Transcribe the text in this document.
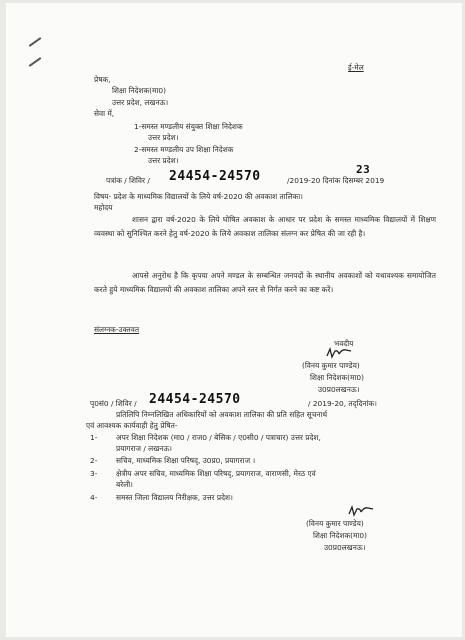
ई-मेल
प्रेषक,
शिक्षा निदेशक(मा0)
उत्तर प्रदेश, लखनऊ।
सेवा में,
1-समस्त मण्डलीय संयुक्त शिक्षा निदेशक
उत्तर प्रदेश।
2-समस्त मण्डलीय उप शिक्षा निदेशक
उत्तर प्रदेश।
पत्रांक / शिविर / 24454-24570	23
/2019-20 दिनांक दिसम्बर 2019
विषय- प्रदेश के माध्यमिक विद्यालयों के लिये वर्ष-2020 की अवकाश तालिका।
महोदय
शासन द्वारा वर्ष-2020 के लिये घोषित अवकाश के आधार पर प्रदेश के समस्त माध्यमिक विद्यालयों में शिक्षण व्यवस्था को सुनिश्चित करने हेतु वर्ष-2020 के लिये अवकाश तालिका संलग्न कर प्रेषित की जा रही है।
आपसे अनुरोध है कि कृपया अपने मण्डल के सम्बन्धित जनपदों के स्थानीय अवकाशों को यथावश्यक समायोजित करते हुये माध्यमिक विद्यालयों की अवकाश तालिका अपने स्तर से निर्गत करने का कष्ट करें।
संलग्नक-उक्तवत
भवदीय
(विनय कुमार पाण्डेय)
शिक्षा निदेशक(मा0)
उ0प्र0लखनऊ।
पृ0सं0 / शिविर / 24454-24570	/ 2019-20, तद्‌दिनांक।
प्रतिलिपि निम्नलिखित अधिकारियों को अवकाश तालिका की प्रति सहित सूचनार्थ
एवं आवश्यक कार्यवाही हेतु प्रेषित-
1-	अपर शिक्षा निदेशक (मा0 / राज0 / बेसिक / ए0सी0 / पत्राचार) उत्तर प्रदेश,
प्रयागराज / लखनऊ।
2-	सचिव, माध्यमिक शिक्षा परिषद्‌, उ0प्र0, प्रयागराज ।
3-	क्षेत्रीय अपर सचिव, माध्यमिक शिक्षा परिषद्‌, प्रयागराज, वाराणसी, मेरठ एवं
बरेली।
4-	समस्त जिला विद्यालय निरीक्षक, उत्तर प्रदेश।
(विनय कुमार पाण्डेय)
शिक्षा निदेशक(मा0)
उ0प्र0लखनऊ।
